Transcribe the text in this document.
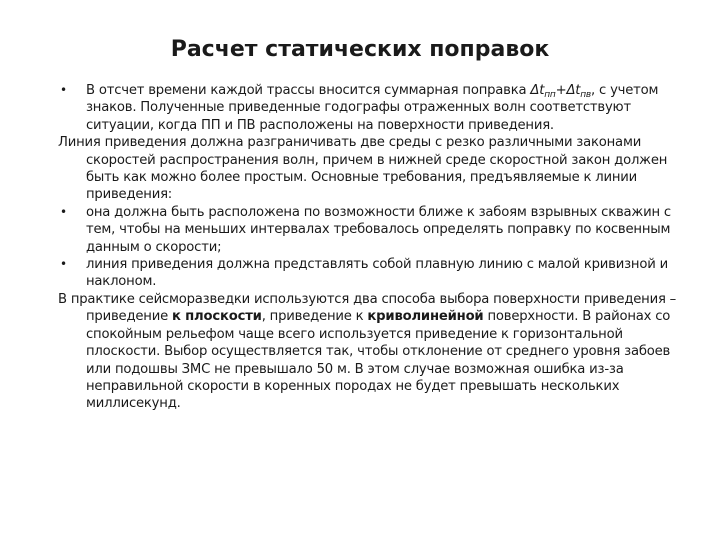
Расчет статических поправок

• В отсчет времени каждой трассы вносится суммарная поправка $\Delta t_{пп}+\Delta t_{пв}$, с учетом знаков. Полученные приведенные годографы отраженных волн соответствуют ситуации, когда ПП и ПВ расположены на поверхности приведения.

Линия приведения должна разграничивать две среды с резко различными законами скоростей распространения волн, причем в нижней среде скоростной закон должен быть как можно более простым. Основные требования, предъявляемые к линии приведения:

• она должна быть расположена по возможности ближе к забоям взрывных скважин с тем, чтобы на меньших интервалах требовалось определять поправку по косвенным данным о скорости;

• линия приведения должна представлять собой плавную линию с малой кривизной и наклоном.

В практике сейсморазведки используются два способа выбора поверхности приведения – приведение к плоскости, приведение к криволинейной поверхности. В районах со спокойным рельефом чаще всего используется приведение к горизонтальной плоскости. Выбор осуществляется так, чтобы отклонение от среднего уровня забоев или подошвы ЗМС не превышало 50 м. В этом случае возможная ошибка из-за неправильной скорости в коренных породах не будет превышать нескольких миллисекунд.
